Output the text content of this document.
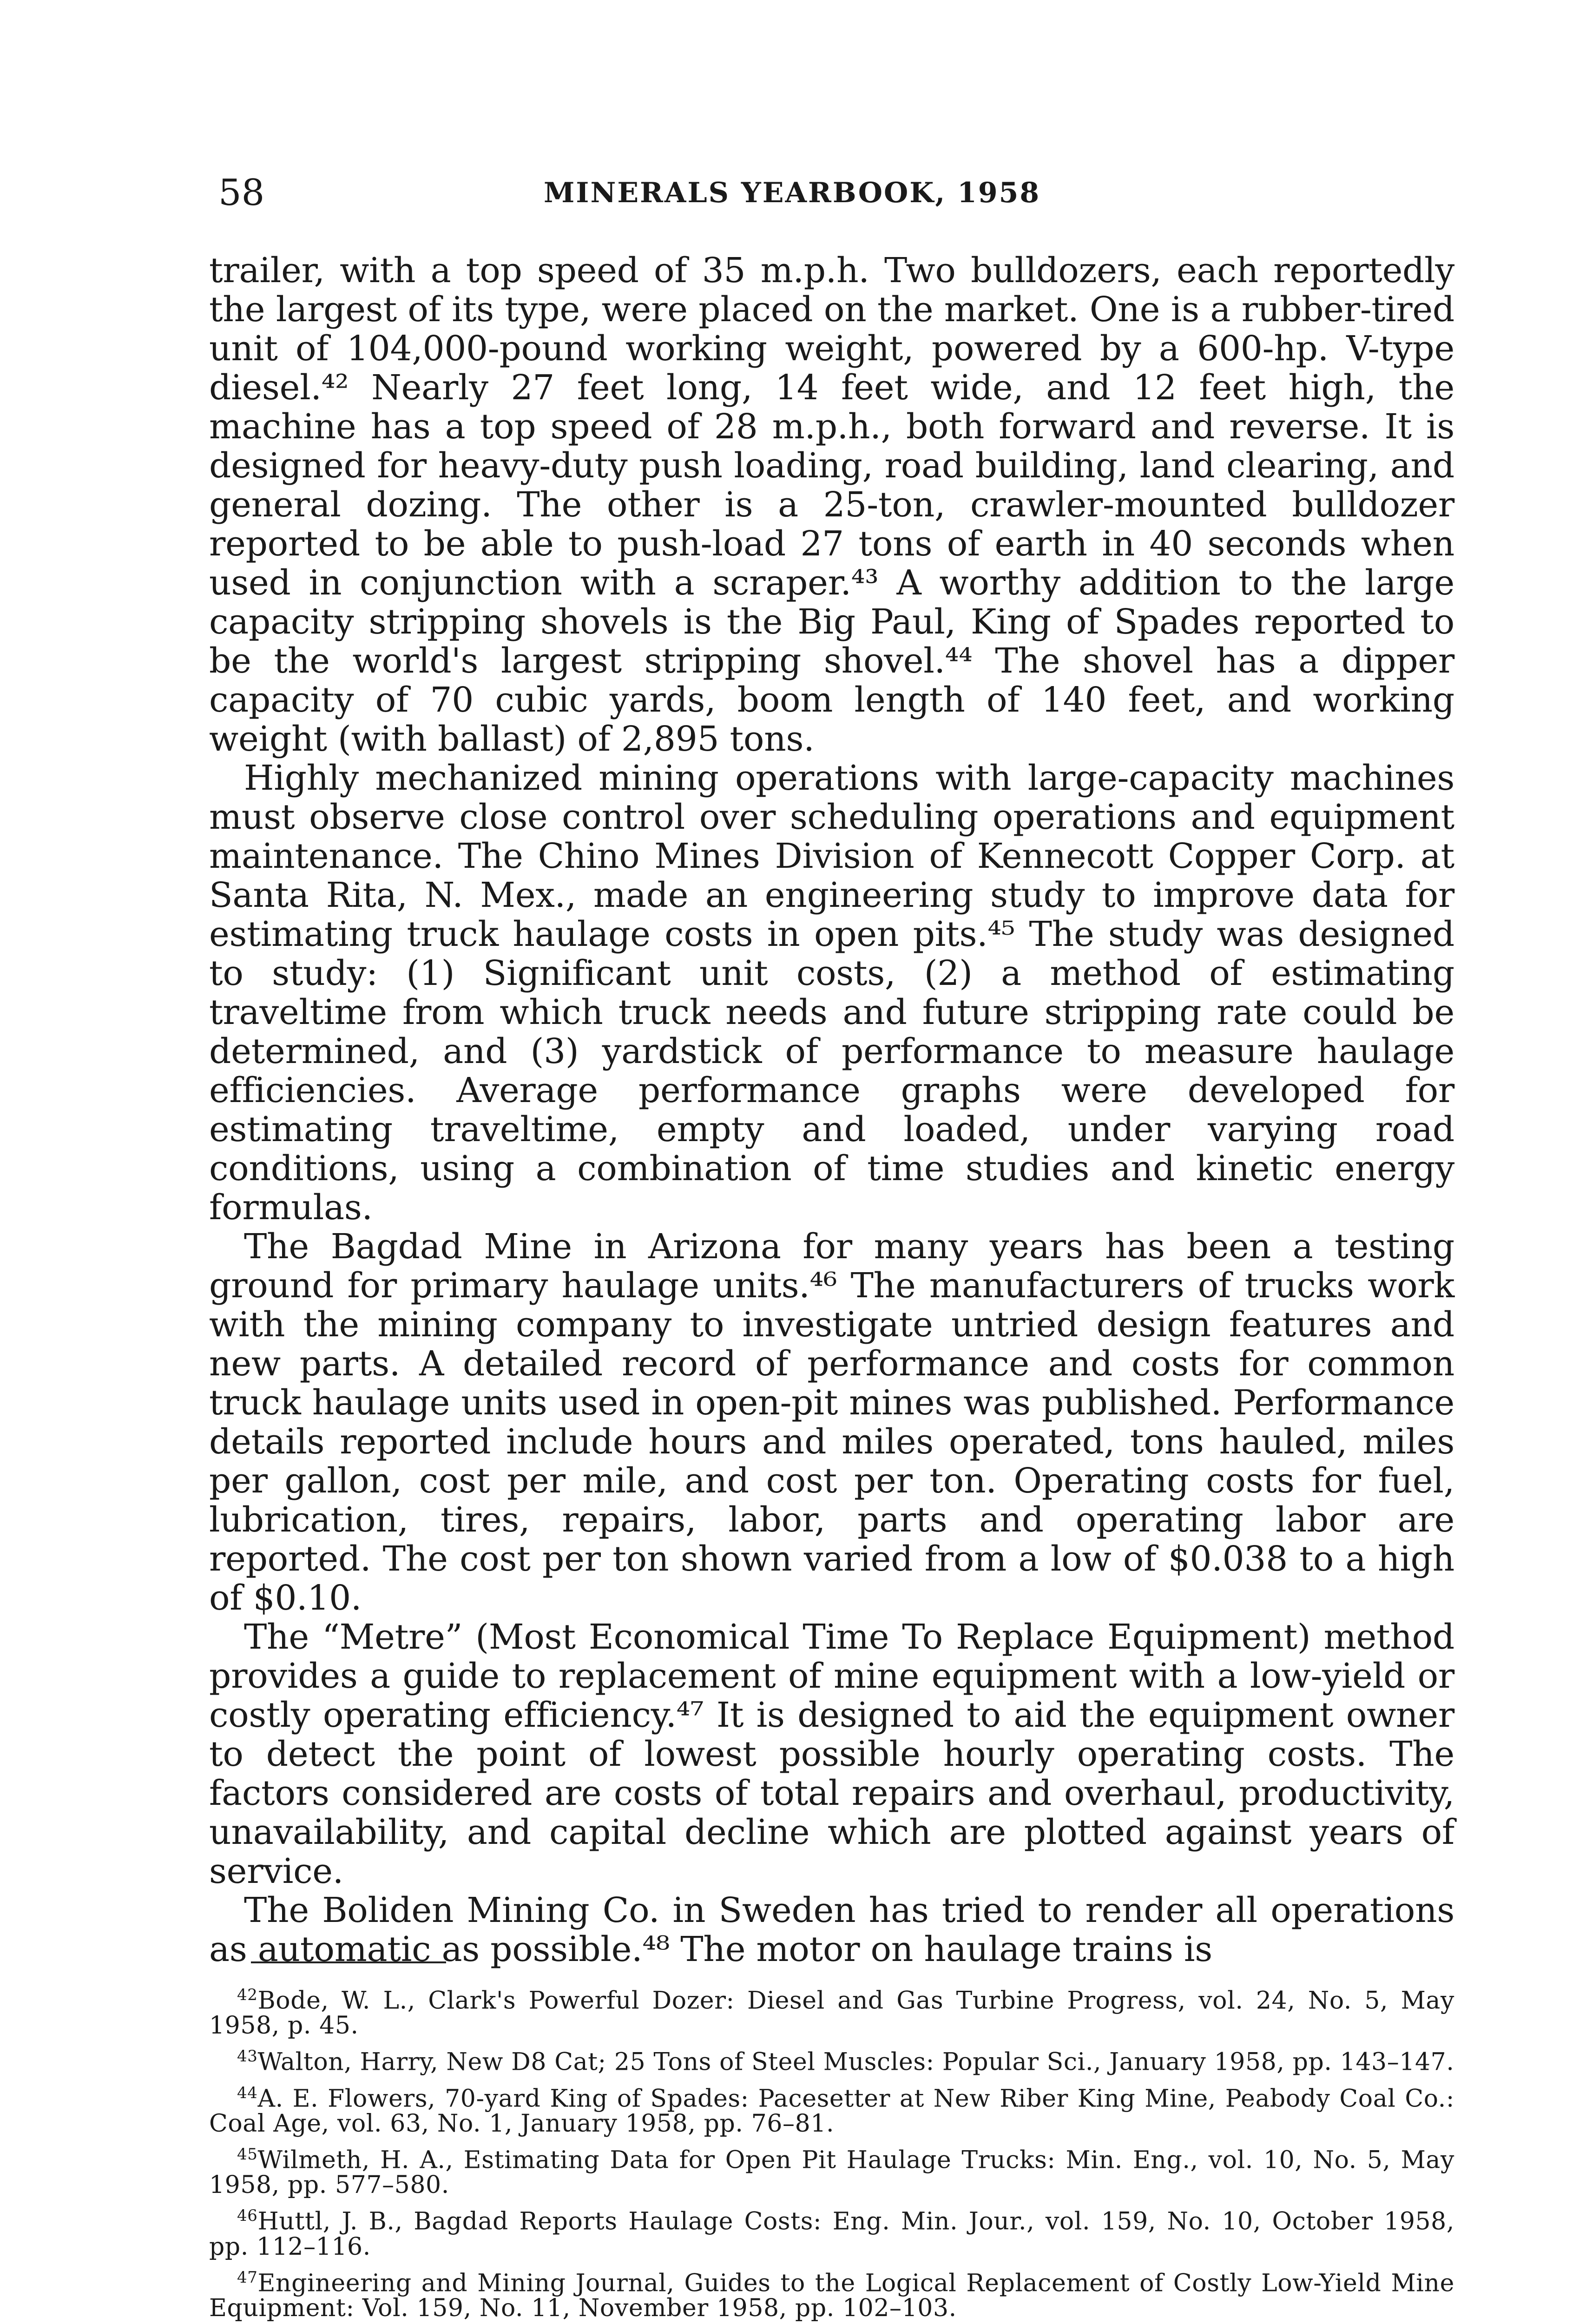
58	MINERALS YEARBOOK, 1958

trailer, with a top speed of 35 m.p.h. Two bulldozers, each reportedly the largest of its type, were placed on the market. One is a rubber-tired unit of 104,000-pound working weight, powered by a 600-hp. V-type diesel.⁴² Nearly 27 feet long, 14 feet wide, and 12 feet high, the machine has a top speed of 28 m.p.h., both forward and reverse. It is designed for heavy-duty push loading, road building, land clearing, and general dozing. The other is a 25-ton, crawler-mounted bulldozer reported to be able to push-load 27 tons of earth in 40 seconds when used in conjunction with a scraper.⁴³ A worthy addition to the large capacity stripping shovels is the Big Paul, King of Spades reported to be the world's largest stripping shovel.⁴⁴ The shovel has a dipper capacity of 70 cubic yards, boom length of 140 feet, and working weight (with ballast) of 2,895 tons.

Highly mechanized mining operations with large-capacity machines must observe close control over scheduling operations and equipment maintenance. The Chino Mines Division of Kennecott Copper Corp. at Santa Rita, N. Mex., made an engineering study to improve data for estimating truck haulage costs in open pits.⁴⁵ The study was designed to study: (1) Significant unit costs, (2) a method of estimating traveltime from which truck needs and future stripping rate could be determined, and (3) yardstick of performance to measure haulage efficiencies. Average performance graphs were developed for estimating traveltime, empty and loaded, under varying road conditions, using a combination of time studies and kinetic energy formulas.

The Bagdad Mine in Arizona for many years has been a testing ground for primary haulage units.⁴⁶ The manufacturers of trucks work with the mining company to investigate untried design features and new parts. A detailed record of performance and costs for common truck haulage units used in open-pit mines was published. Performance details reported include hours and miles operated, tons hauled, miles per gallon, cost per mile, and cost per ton. Operating costs for fuel, lubrication, tires, repairs, labor, parts and operating labor are reported. The cost per ton shown varied from a low of $0.038 to a high of $0.10.

The “Metre” (Most Economical Time To Replace Equipment) method provides a guide to replacement of mine equipment with a low-yield or costly operating efficiency.⁴⁷ It is designed to aid the equipment owner to detect the point of lowest possible hourly operating costs. The factors considered are costs of total repairs and overhaul, productivity, unavailability, and capital decline which are plotted against years of service.

The Boliden Mining Co. in Sweden has tried to render all operations as automatic as possible.⁴⁸ The motor on haulage trains is

$^{42}$Bode, W. L., Clark's Powerful Dozer: Diesel and Gas Turbine Progress, vol. 24, No. 5, May 1958, p. 45.

$^{43}$Walton, Harry, New D8 Cat; 25 Tons of Steel Muscles: Popular Sci., January 1958, pp. 143–147.

$^{44}$A. E. Flowers, 70-yard King of Spades: Pacesetter at New Riber King Mine, Peabody Coal Co.: Coal Age, vol. 63, No. 1, January 1958, pp. 76–81.

$^{45}$Wilmeth, H. A., Estimating Data for Open Pit Haulage Trucks: Min. Eng., vol. 10, No. 5, May 1958, pp. 577–580.

$^{46}$Huttl, J. B., Bagdad Reports Haulage Costs: Eng. Min. Jour., vol. 159, No. 10, October 1958, pp. 112–116.

$^{47}$Engineering and Mining Journal, Guides to the Logical Replacement of Costly Low-Yield Mine Equipment: Vol. 159, No. 11, November 1958, pp. 102–103.
